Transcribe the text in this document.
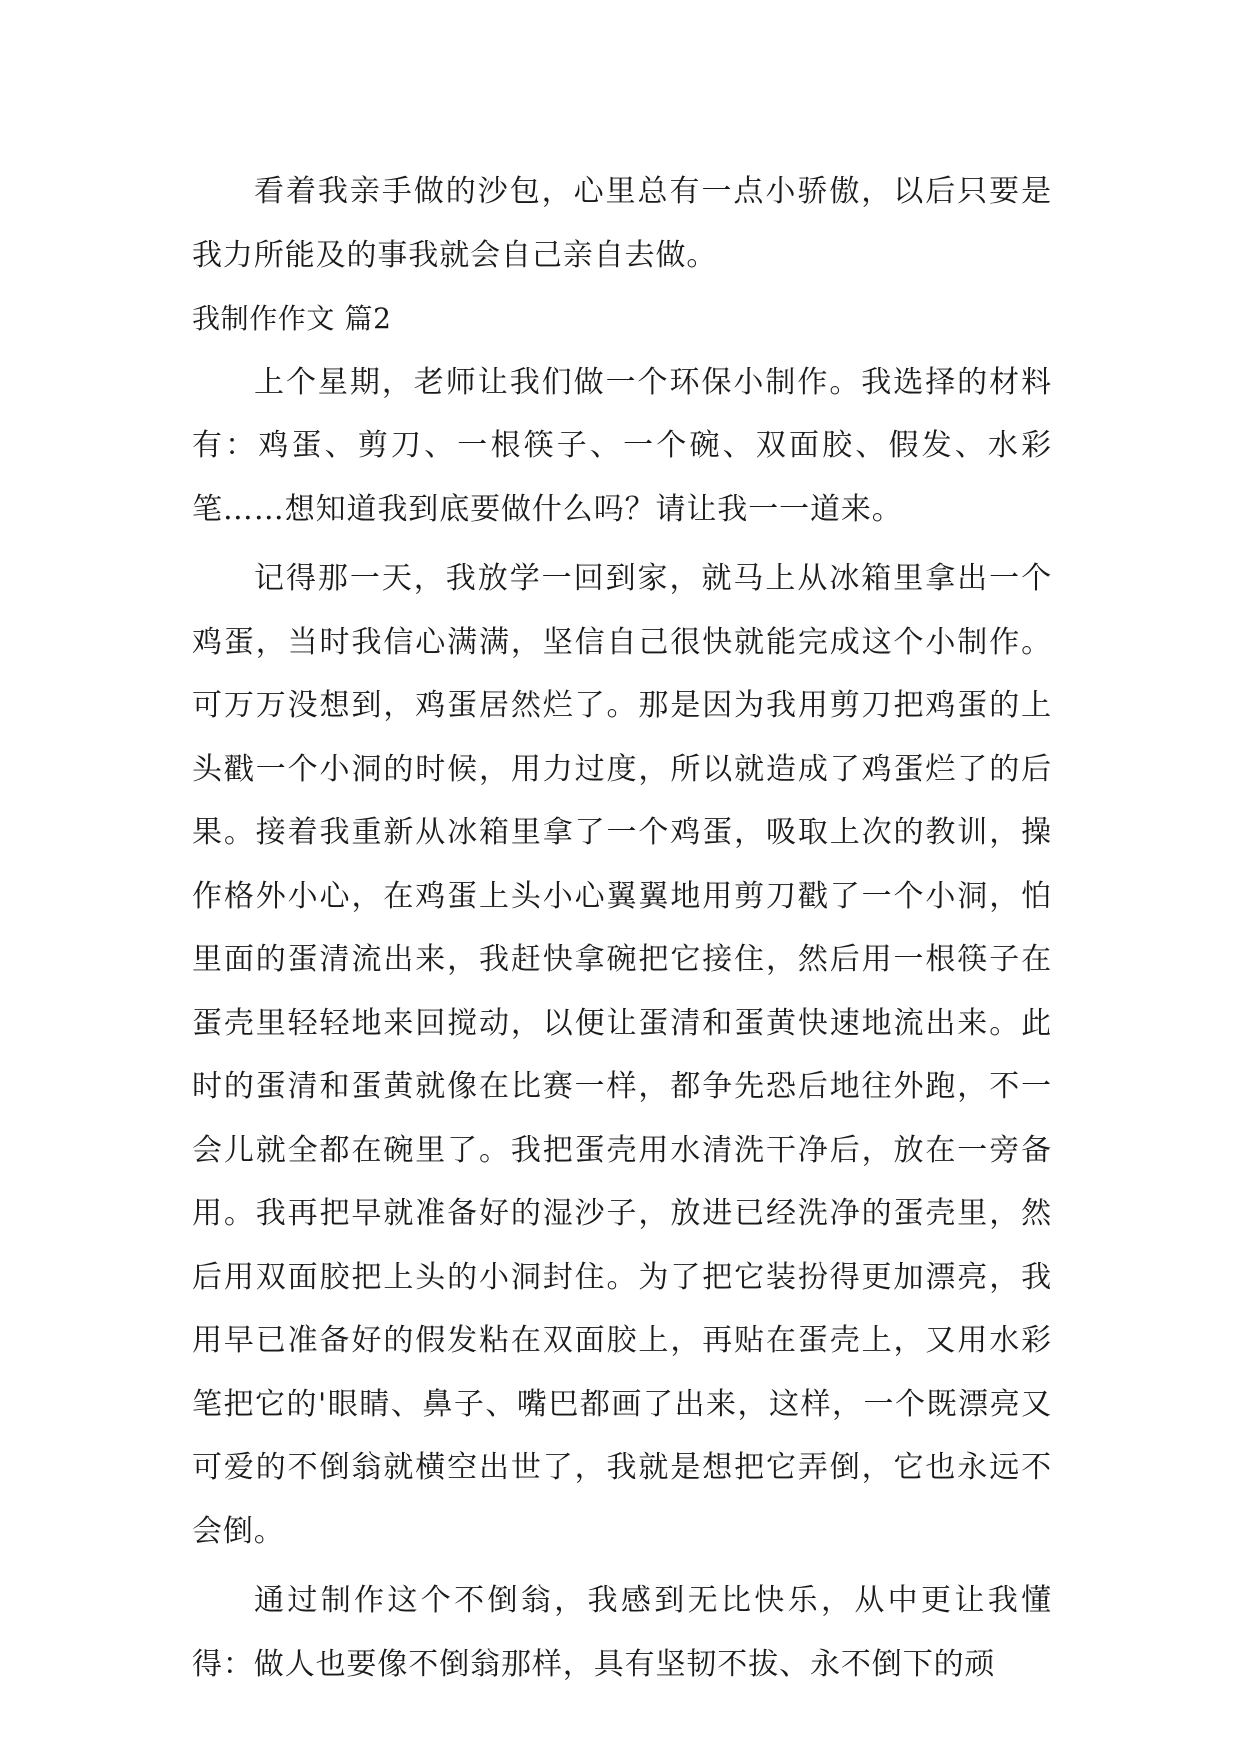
看着我亲手做的沙包，心里总有一点小骄傲，以后只要是我力所能及的事我就会自己亲自去做。

我制作作文 篇2

上个星期，老师让我们做一个环保小制作。我选择的材料有：鸡蛋、剪刀、一根筷子、一个碗、双面胶、假发、水彩笔……想知道我到底要做什么吗？请让我一一道来。

记得那一天，我放学一回到家，就马上从冰箱里拿出一个鸡蛋，当时我信心满满，坚信自己很快就能完成这个小制作。可万万没想到，鸡蛋居然烂了。那是因为我用剪刀把鸡蛋的上头戳一个小洞的时候，用力过度，所以就造成了鸡蛋烂了的后果。接着我重新从冰箱里拿了一个鸡蛋，吸取上次的教训，操作格外小心，在鸡蛋上头小心翼翼地用剪刀戳了一个小洞，怕里面的蛋清流出来，我赶快拿碗把它接住，然后用一根筷子在蛋壳里轻轻地来回搅动，以便让蛋清和蛋黄快速地流出来。此时的蛋清和蛋黄就像在比赛一样，都争先恐后地往外跑，不一会儿就全都在碗里了。我把蛋壳用水清洗干净后，放在一旁备用。我再把早就准备好的湿沙子，放进已经洗净的蛋壳里，然后用双面胶把上头的小洞封住。为了把它装扮得更加漂亮，我用早已准备好的假发粘在双面胶上，再贴在蛋壳上，又用水彩笔把它的'眼睛、鼻子、嘴巴都画了出来，这样，一个既漂亮又可爱的不倒翁就横空出世了，我就是想把它弄倒，它也永远不会倒。

通过制作这个不倒翁，我感到无比快乐，从中更让我懂得：做人也要像不倒翁那样，具有坚韧不拔、永不倒下的顽
